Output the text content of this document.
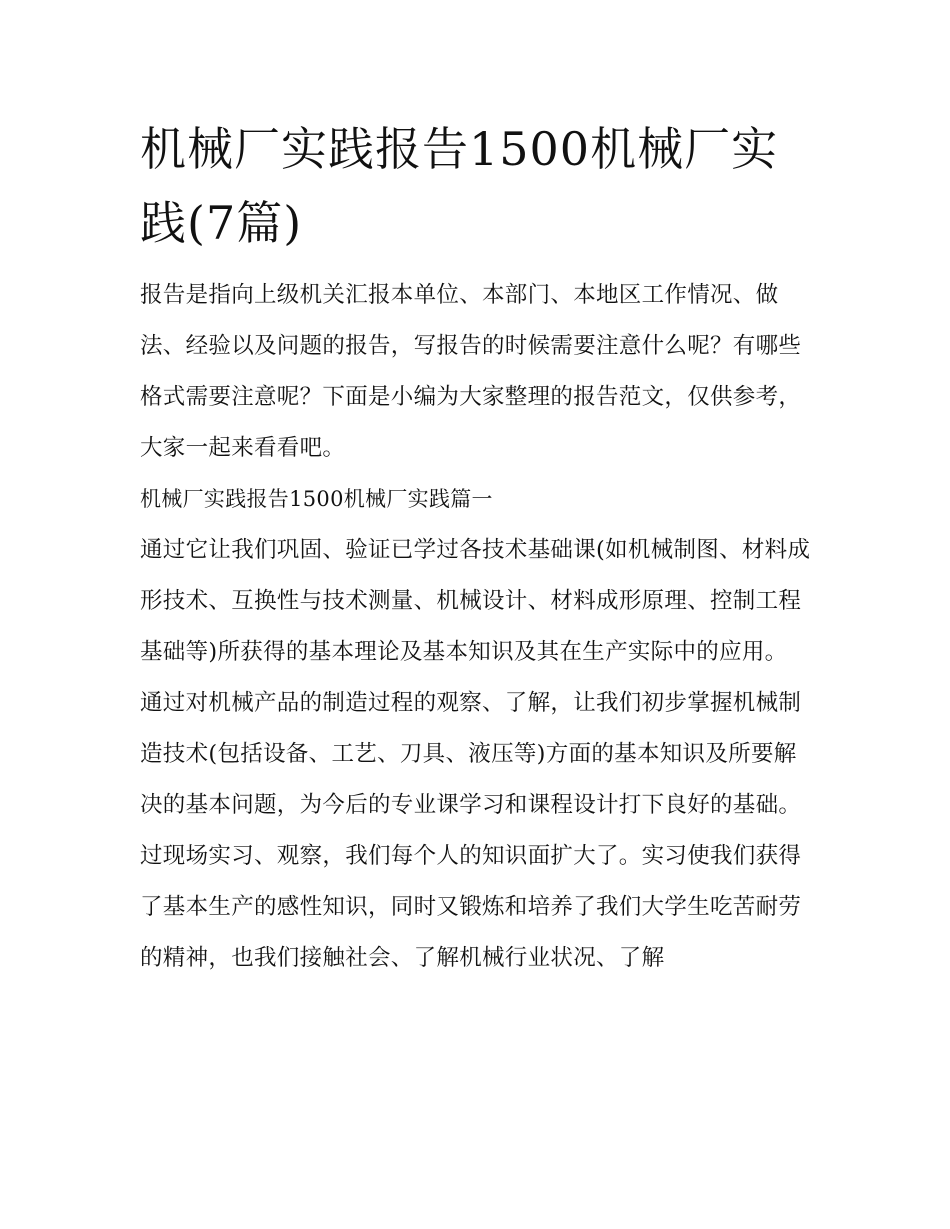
机械厂实践报告1500机械厂实践(7篇)

报告是指向上级机关汇报本单位、本部门、本地区工作情况、做法、经验以及问题的报告，写报告的时候需要注意什么呢？有哪些格式需要注意呢？下面是小编为大家整理的报告范文，仅供参考，大家一起来看看吧。

机械厂实践报告1500机械厂实践篇一

通过它让我们巩固、验证已学过各技术基础课(如机械制图、材料成形技术、互换性与技术测量、机械设计、材料成形原理、控制工程基础等)所获得的基本理论及基本知识及其在生产实际中的应用。

通过对机械产品的制造过程的观察、了解，让我们初步掌握机械制造技术(包括设备、工艺、刀具、液压等)方面的基本知识及所要解决的基本问题，为今后的专业课学习和课程设计打下良好的基础。

过现场实习、观察，我们每个人的知识面扩大了。实习使我们获得了基本生产的感性知识，同时又锻炼和培养了我们大学生吃苦耐劳的精神，也我们接触社会、了解机械行业状况、了解
